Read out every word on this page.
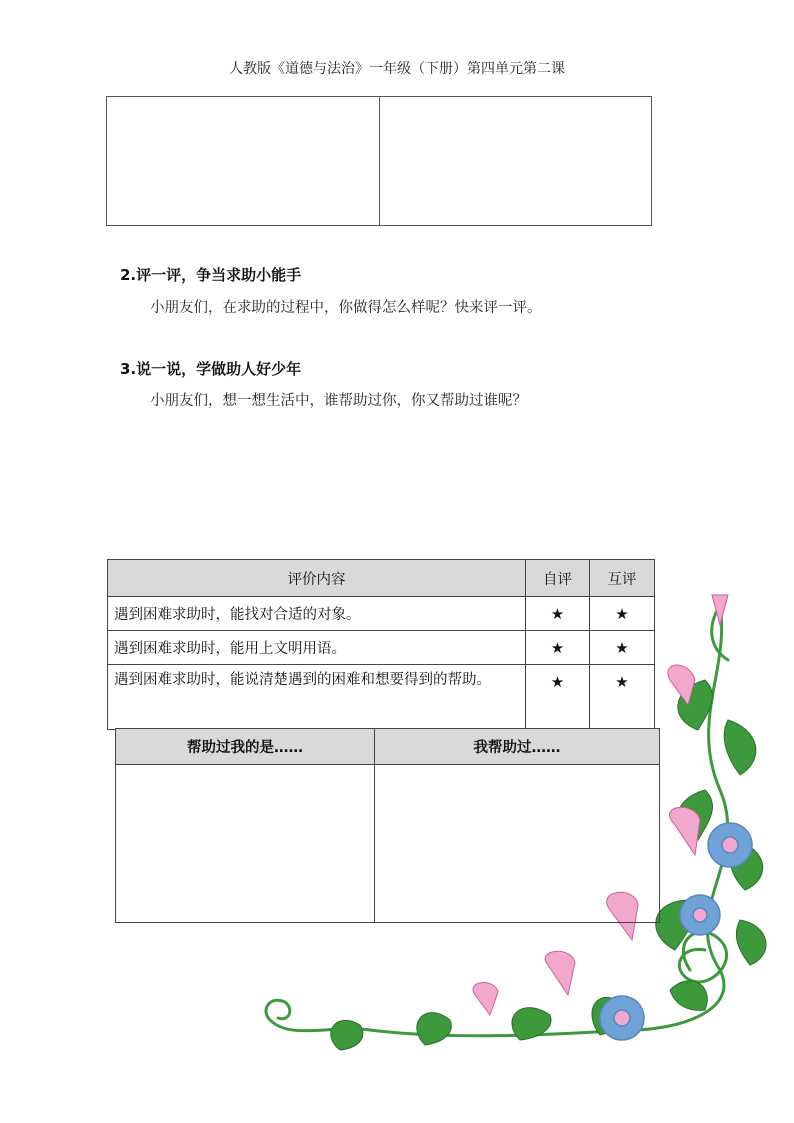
人教版《道德与法治》一年级（下册）第四单元第二课

2.评一评，争当求助小能手
小朋友们，在求助的过程中，你做得怎么样呢？快来评一评。
3.说一说，学做助人好少年
小朋友们，想一想生活中，谁帮助过你，你又帮助过谁呢？
评价内容	自评	互评
遇到困难求助时，能找对合适的对象。	★	★
遇到困难求助时，能用上文明用语。	★	★
遇到困难求助时，能说清楚遇到的困难和想要得到的帮助。	★	★
帮助过我的是……	我帮助过……
